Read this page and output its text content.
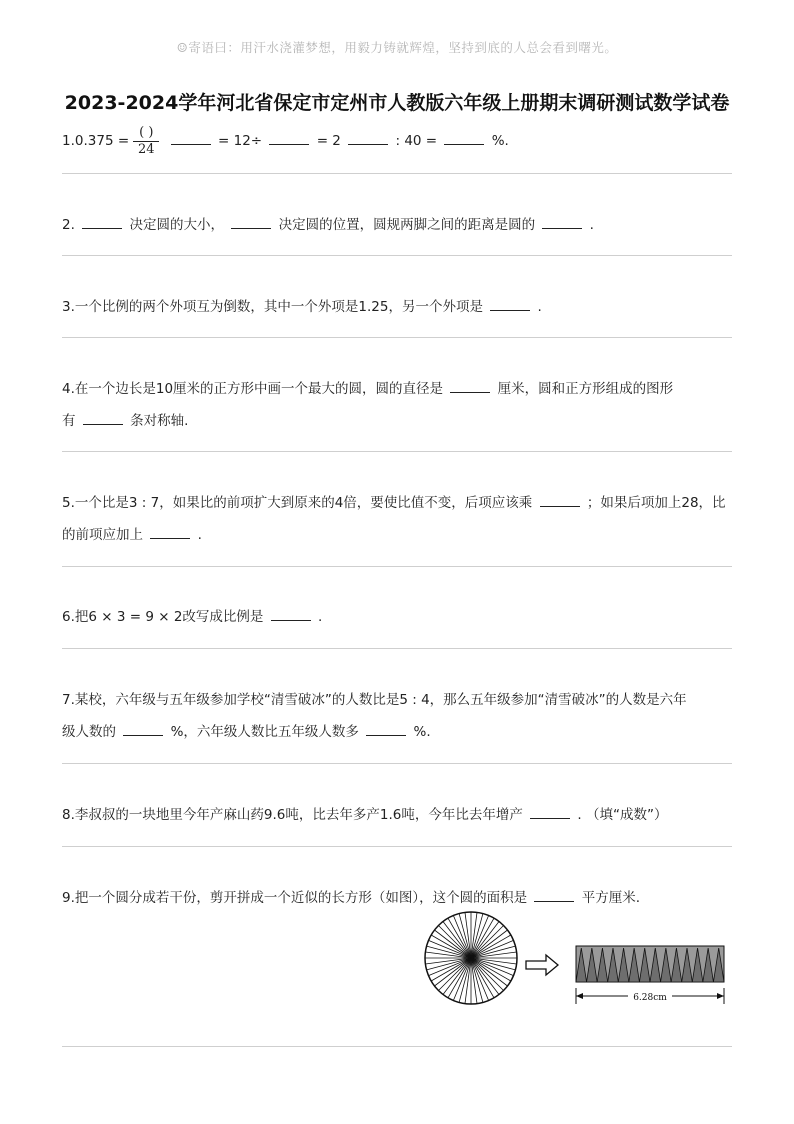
☺寄语曰：用汗水浇灌梦想，用毅力铸就辉煌，坚持到底的人总会看到曙光。
2023-2024学年河北省保定市定州市人教版六年级上册期末调研测试数学试卷
$1.0.375 = \frac{( )}{24}$	= 12÷	= 2	: 40 =	%.
2.	决定圆的大小，	决定圆的位置，圆规两脚之间的距离是圆的	.
3.一个比例的两个外项互为倒数，其中一个外项是1.25，另一个外项是	.
4.在一个边长是10厘米的正方形中画一个最大的圆，圆的直径是	厘米，圆和正方形组成的图形
有	条对称轴.
5.一个比是3 : 7，如果比的前项扩大到原来的4倍，要使比值不变，后项应该乘	；如果后项加上28，比
的前项应加上	.
6.把6 × 3 = 9 × 2改写成比例是	.
7.某校，六年级与五年级参加学校“清雪破冰”的人数比是5 : 4，那么五年级参加“清雪破冰”的人数是六年
级人数的	%，六年级人数比五年级人数多	%.
8.李叔叔的一块地里今年产麻山药9.6吨，比去年多产1.6吨，今年比去年增产	. （填“成数”）
9.把一个圆分成若干份，剪开拼成一个近似的长方形（如图），这个圆的面积是	平方厘米.
6.28cm
